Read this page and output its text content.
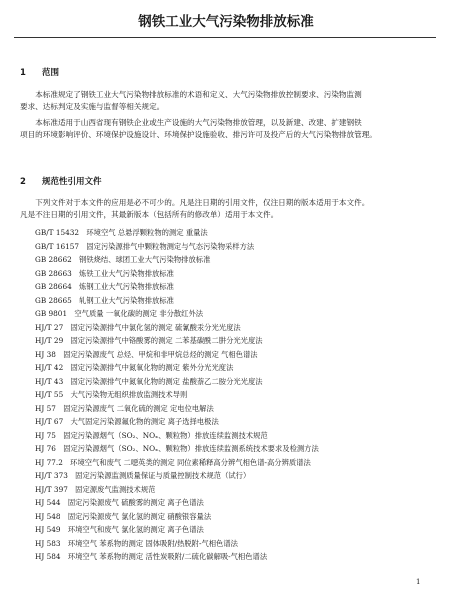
钢铁工业大气污染物排放标准
1 范围
本标准规定了钢铁工业大气污染物排放标准的术语和定义、大气污染物排放控制要求、污染物监测
要求、达标判定及实施与监督等相关规定。
本标准适用于山西省现有钢铁企业或生产设施的大气污染物排放管理，以及新建、改建、扩建钢铁
项目的环境影响评价、环境保护设施设计、环境保护设施验收、排污许可及投产后的大气污染物排放管理。
2 规范性引用文件
下列文件对于本文件的应用是必不可少的。凡是注日期的引用文件，仅注日期的版本适用于本文件。
凡是不注日期的引用文件，其最新版本（包括所有的修改单）适用于本文件。
GB/T 15432　环境空气 总悬浮颗粒物的测定 重量法
GB/T 16157　固定污染源排气中颗粒物测定与气态污染物采样方法
GB 28662　钢铁烧结、球团工业大气污染物排放标准
GB 28663　炼铁工业大气污染物排放标准
GB 28664　炼钢工业大气污染物排放标准
GB 28665　轧钢工业大气污染物排放标准
GB 9801　空气质量 一氧化碳的测定 非分散红外法
HJ/T 27　固定污染源排气中氯化氢的测定 硫氰酸汞分光光度法
HJ/T 29　固定污染源排气中铬酸雾的测定 二苯基碳酰二肼分光光度法
HJ 38　固定污染源废气 总烃、甲烷和非甲烷总烃的测定 气相色谱法
HJ/T 42　固定污染源排气中氮氧化物的测定 紫外分光光度法
HJ/T 43　固定污染源排气中氮氧化物的测定 盐酸萘乙二胺分光光度法
HJ/T 55　大气污染物无组织排放监测技术导则
HJ 57　固定污染源废气 二氧化硫的测定 定电位电解法
HJ/T 67　大气固定污染源氟化物的测定 离子选择电极法
HJ 75　固定污染源烟气（SO₂、NOₓ、颗粒物）排放连续监测技术规范
HJ 76　固定污染源烟气（SO₂、NOₓ、颗粒物）排放连续监测系统技术要求及检测方法
HJ 77.2　环境空气和废气 二噁英类的测定 同位素稀释高分辨气相色谱-高分辨质谱法
HJ/T 373　固定污染源监测质量保证与质量控制技术规范（试行）
HJ/T 397　固定源废气监测技术规范
HJ 544　固定污染源废气 硫酸雾的测定 离子色谱法
HJ 548　固定污染源废气 氯化氢的测定 硝酸银容量法
HJ 549　环境空气和废气 氯化氢的测定 离子色谱法
HJ 583　环境空气 苯系物的测定 固体吸附/热脱附-气相色谱法
HJ 584　环境空气 苯系物的测定 活性炭吸附/二硫化碳解吸-气相色谱法
1
